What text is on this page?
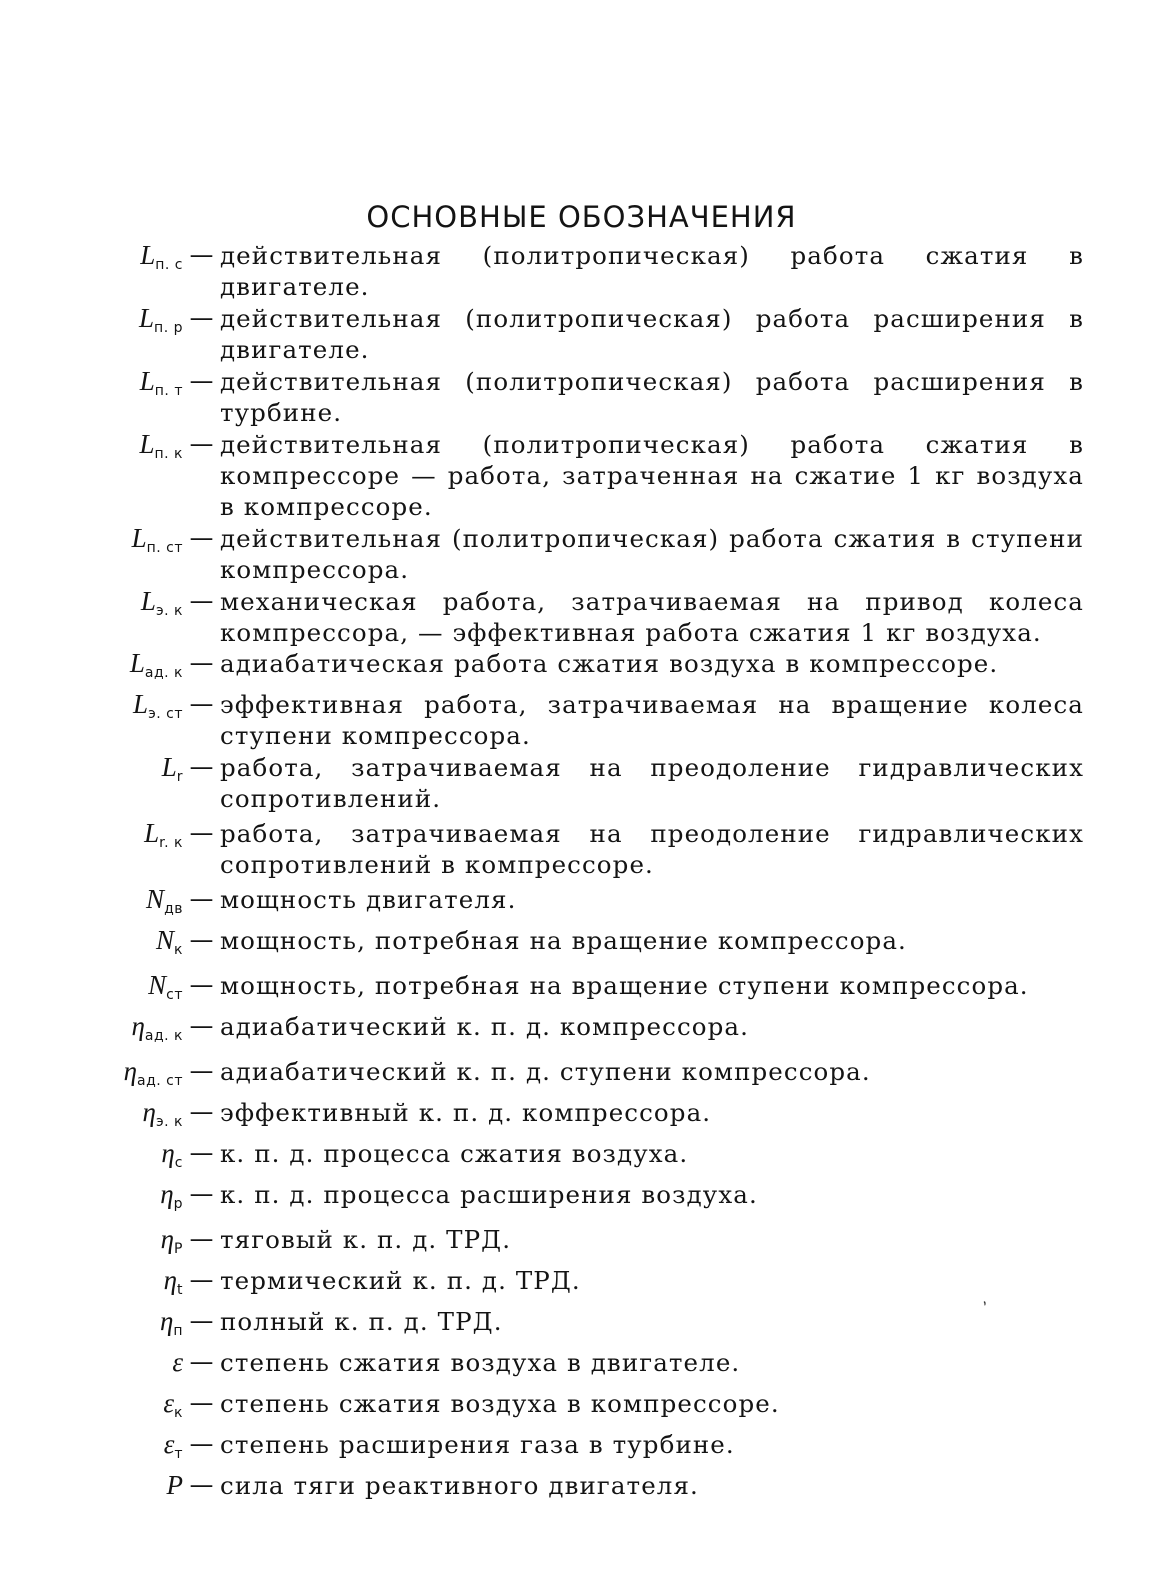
ОСНОВНЫЕ ОБОЗНАЧЕНИЯ
$L_{п. с}$ — действительная (политропическая) работа сжатия в двигателе.
$L_{п. р}$ — действительная (политропическая) работа расширения в двигателе.
$L_{п. т}$ — действительная (политропическая) работа расширения в турбине.
$L_{п. к}$ — действительная (политропическая) работа сжатия в компрессоре — работа, затраченная на сжатие 1 кг воздуха в компрессоре.
$L_{п. ст}$ — действительная (политропическая) работа сжатия в ступени компрессора.
$L_{э. к}$ — механическая работа, затрачиваемая на привод колеса компрессора, — эффективная работа сжатия 1 кг воздуха.
$L_{ад. к}$ — адиабатическая работа сжатия воздуха в компрессоре.
$L_{э. ст}$ — эффективная работа, затрачиваемая на вращение колеса ступени компрессора.
$L_r$ — работа, затрачиваемая на преодоление гидравлических сопротивлений.
$L_{r. к}$ — работа, затрачиваемая на преодоление гидравлических сопротивлений в компрессоре.
$N_{дв}$ — мощность двигателя.
$N_к$ — мощность, потребная на вращение компрессора.
$N_{ст}$ — мощность, потребная на вращение ступени компрессора.
$\eta_{ад. к}$ — адиабатический к. п. д. компрессора.
$\eta_{ад. ст}$ — адиабатический к. п. д. ступени компрессора.
$\eta_{э. к}$ — эффективный к. п. д. компрессора.
$\eta_с$ — к. п. д. процесса сжатия воздуха.
$\eta_р$ — к. п. д. процесса расширения воздуха.
$\eta_P$ — тяговый к. п. д. ТРД.
$\eta_t$ — термический к. п. д. ТРД.
$\eta_п$ — полный к. п. д. ТРД.
ε — степень сжатия воздуха в двигателе.
$\varepsilon_к$ — степень сжатия воздуха в компрессоре.
$\varepsilon_т$ — степень расширения газа в турбине.
P — сила тяги реактивного двигателя.
ʼ
